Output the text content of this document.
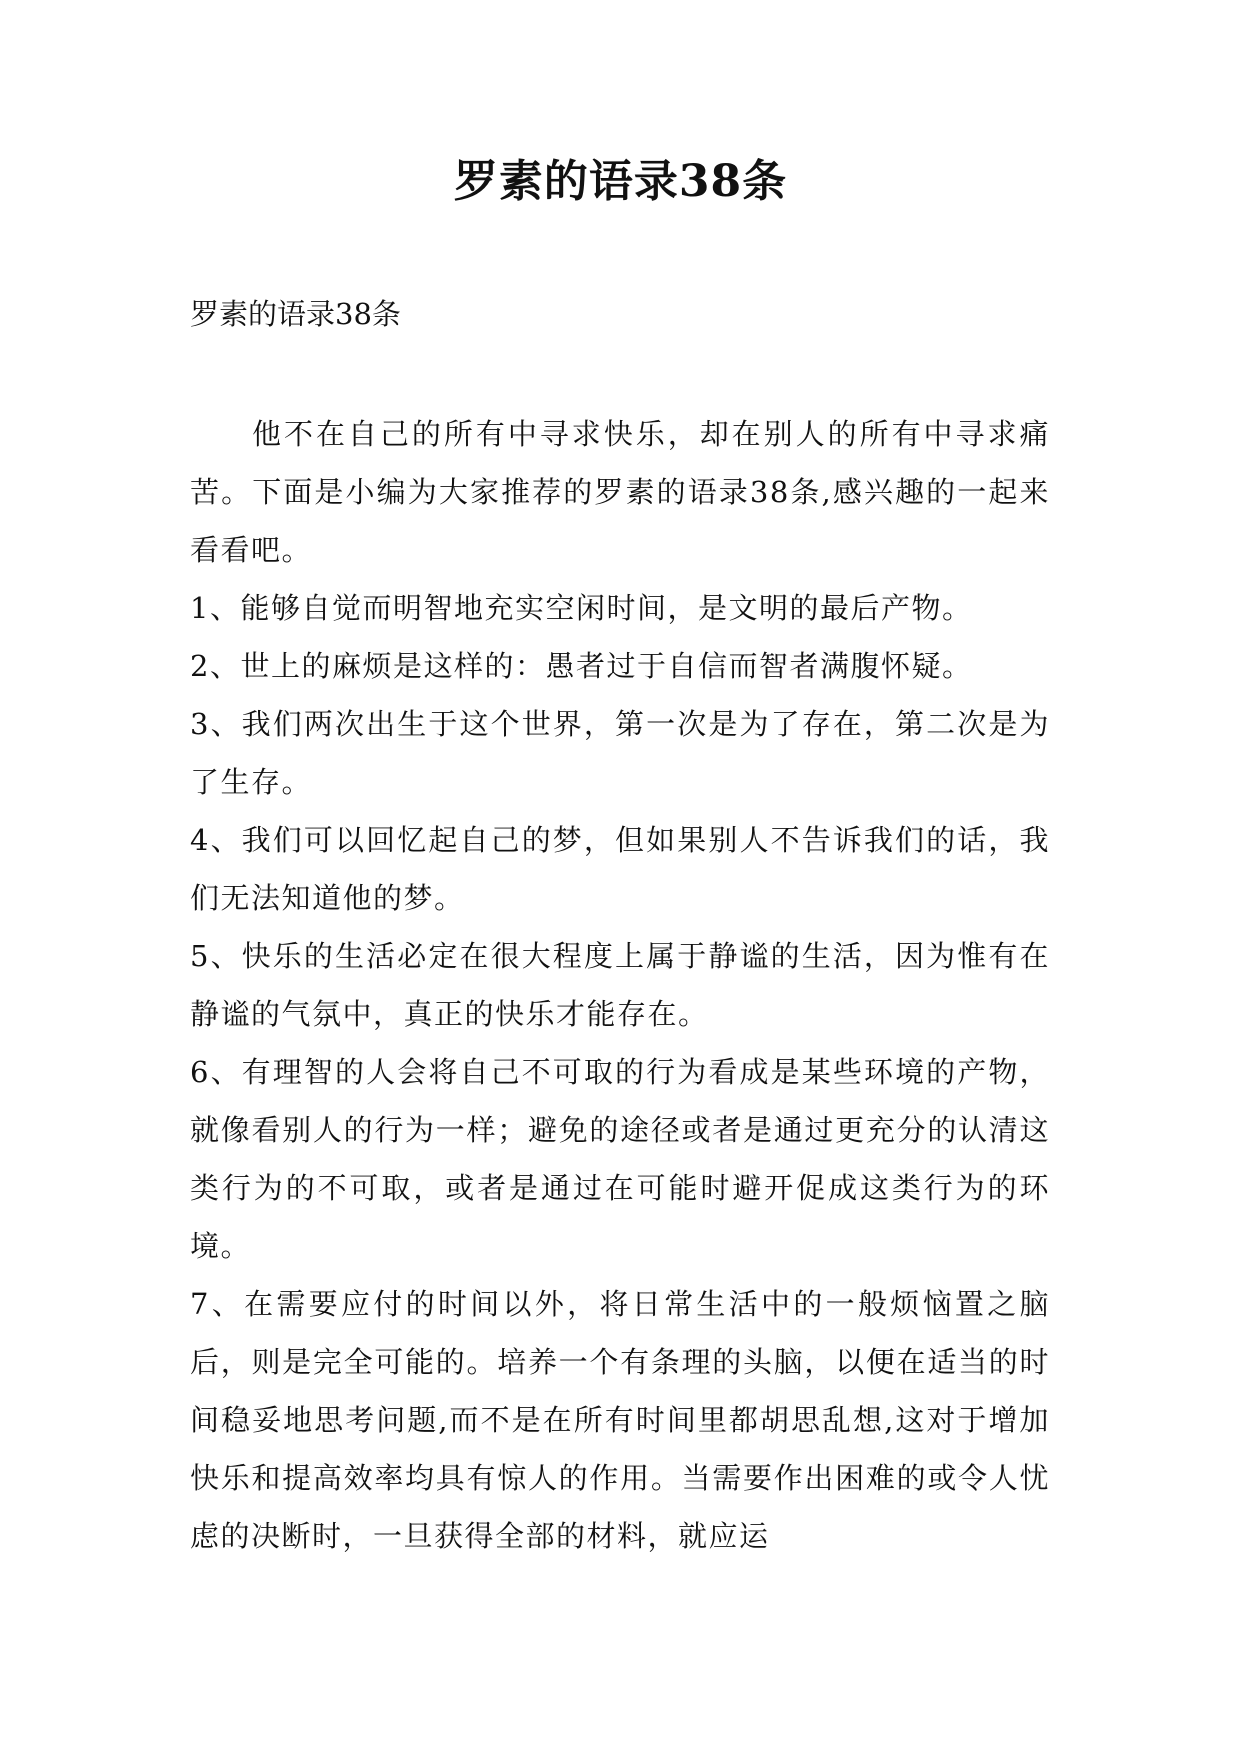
罗素的语录38条

罗素的语录38条

他不在自己的所有中寻求快乐，却在别人的所有中寻求痛苦。下面是小编为大家推荐的罗素的语录38条,感兴趣的一起来看看吧。

1、能够自觉而明智地充实空闲时间，是文明的最后产物。

2、世上的麻烦是这样的：愚者过于自信而智者满腹怀疑。

3、我们两次出生于这个世界，第一次是为了存在，第二次是为了生存。

4、我们可以回忆起自己的梦，但如果别人不告诉我们的话，我们无法知道他的梦。

5、快乐的生活必定在很大程度上属于静谧的生活，因为惟有在静谧的气氛中，真正的快乐才能存在。

6、有理智的人会将自己不可取的行为看成是某些环境的产物，就像看别人的行为一样；避免的途径或者是通过更充分的认清这类行为的不可取，或者是通过在可能时避开促成这类行为的环境。

7、在需要应付的时间以外，将日常生活中的一般烦恼置之脑后，则是完全可能的。培养一个有条理的头脑，以便在适当的时间稳妥地思考问题,而不是在所有时间里都胡思乱想,这对于增加快乐和提高效率均具有惊人的作用。当需要作出困难的或令人忧虑的决断时，一旦获得全部的材料，就应运
